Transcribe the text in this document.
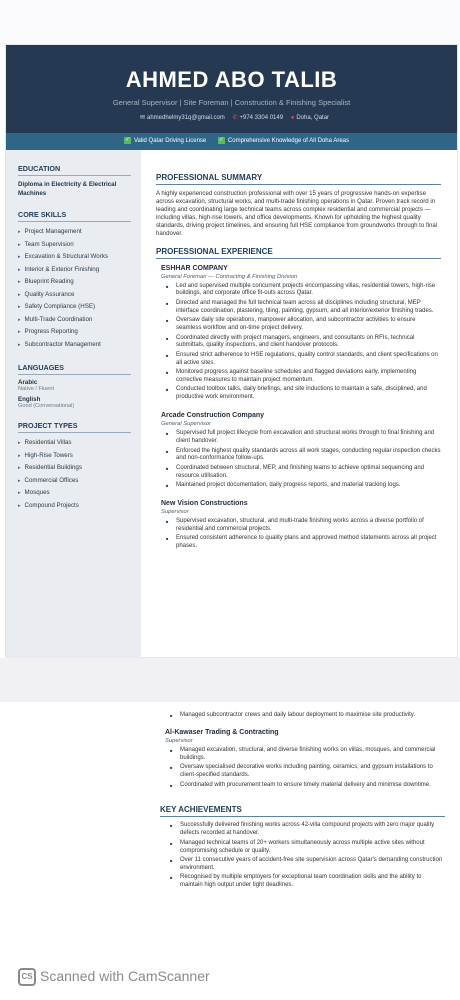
AHMED ABO TALIB
General Supervisor | Site Foreman | Construction & Finishing Specialist
✉ ahmedhelmy31q@gmail.com ✆ +974 3304 0149 ● Doha, Qatar
✓ Valid Qatar Driving License ✓ Comprehensive Knowledge of All Doha Areas
EDUCATION
Diploma in Electricity & Electrical Machines
CORE SKILLS
▸ Project Management
▸ Team Supervision
▸ Excavation & Structural Works
▸ Interior & Exterior Finishing
▸ Blueprint Reading
▸ Quality Assurance
▸ Safety Compliance (HSE)
▸ Multi-Trade Coordination
▸ Progress Reporting
▸ Subcontractor Management
LANGUAGES
Arabic
Native / Fluent
English
Good (Conversational)
PROJECT TYPES
▸ Residential Villas
▸ High-Rise Towers
▸ Residential Buildings
▸ Commercial Offices
▸ Mosques
▸ Compound Projects
PROFESSIONAL SUMMARY
A highly experienced construction professional with over 15 years of progressive hands-on expertise across excavation, structural works, and multi-trade finishing operations in Qatar. Proven track record in leading and coordinating large technical teams across complex residential and commercial projects — including villas, high-rise towers, and office developments. Known for upholding the highest quality standards, driving project timelines, and ensuring full HSE compliance from groundworks through to final handover.
PROFESSIONAL EXPERIENCE
ESHHAR COMPANY
General Foreman — Contracting & Finishing Division
■ Led and supervised multiple concurrent projects encompassing villas, residential towers, high-rise buildings, and corporate office fit-outs across Qatar.
■ Directed and managed the full technical team across all disciplines including structural, MEP interface coordination, plastering, tiling, painting, gypsum, and all interior/exterior finishing trades.
■ Oversaw daily site operations, manpower allocation, and subcontractor activities to ensure seamless workflow and on-time project delivery.
■ Coordinated directly with project managers, engineers, and consultants on RFIs, technical submittals, quality inspections, and client handover protocols.
■ Ensured strict adherence to HSE regulations, quality control standards, and client specifications on all active sites.
■ Monitored progress against baseline schedules and flagged deviations early, implementing corrective measures to maintain project momentum.
■ Conducted toolbox talks, daily briefings, and site inductions to maintain a safe, disciplined, and productive work environment.
Arcade Construction Company
General Supervisor
■ Supervised full project lifecycle from excavation and structural works through to final finishing and client handover.
■ Enforced the highest quality standards across all work stages, conducting regular inspection checks and non-conformance follow-ups.
■ Coordinated between structural, MEP, and finishing teams to achieve optimal sequencing and resource utilisation.
■ Maintained project documentation, daily progress reports, and material tracking logs.
New Vision Constructions
Supervisor
■ Supervised excavation, structural, and multi-trade finishing works across a diverse portfolio of residential and commercial projects.
■ Ensured consistent adherence to quality plans and approved method statements across all project phases.
■ Managed subcontractor crews and daily labour deployment to maximise site productivity.
Al-Kawaser Trading & Contracting
Supervisor
■ Managed excavation, structural, and diverse finishing works on villas, mosques, and commercial buildings.
■ Oversaw specialised decorative works including painting, ceramics, and gypsum installations to client-specified standards.
■ Coordinated with procurement team to ensure timely material delivery and minimise downtime.
KEY ACHIEVEMENTS
■ Successfully delivered finishing works across 42-villa compound projects with zero major quality defects recorded at handover.
■ Managed technical teams of 20+ workers simultaneously across multiple active sites without compromising schedule or quality.
■ Over 11 consecutive years of accident-free site supervision across Qatar's demanding construction environment.
■ Recognised by multiple employers for exceptional team coordination skills and the ability to maintain high output under tight deadlines.
CS Scanned with CamScanner
